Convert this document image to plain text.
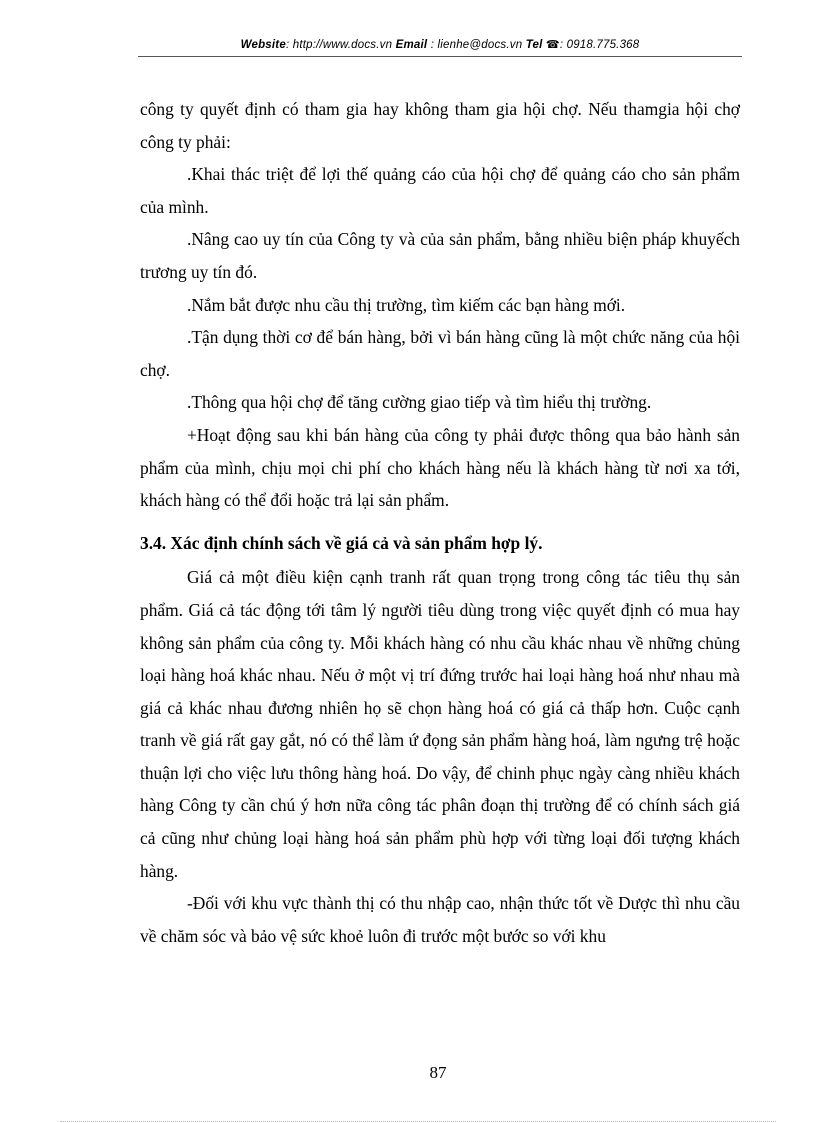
Website: http://www.docs.vn Email : lienhe@docs.vn Tel ☎: 0918.775.368

công ty quyết định có tham gia hay không tham gia hội chợ. Nếu thamgia hội chợ công ty phải:

.Khai thác triệt để lợi thế quảng cáo của hội chợ để quảng cáo cho sản phẩm của mình.

.Nâng cao uy tín của Công ty và của sản phẩm, bằng nhiều biện pháp khuyếch trương uy tín đó.

.Nắm bắt được nhu cầu thị trường, tìm kiếm các bạn hàng mới.

.Tận dụng thời cơ để bán hàng, bởi vì bán hàng cũng là một chức năng của hội chợ.

.Thông qua hội chợ để tăng cường giao tiếp và tìm hiểu thị trường.

+Hoạt động sau khi bán hàng của công ty phải được thông qua bảo hành sản phẩm của mình, chịu mọi chi phí cho khách hàng nếu là khách hàng từ nơi xa tới, khách hàng có thể đổi hoặc trả lại sản phẩm.

3.4. Xác định chính sách về giá cả và sản phẩm hợp lý.

Giá cả một điều kiện cạnh tranh rất quan trọng trong công tác tiêu thụ sản phẩm. Giá cả tác động tới tâm lý người tiêu dùng trong việc quyết định có mua hay không sản phẩm của công ty. Mỗi khách hàng có nhu cầu khác nhau về những chủng loại hàng hoá khác nhau. Nếu ở một vị trí đứng trước hai loại hàng hoá như nhau mà giá cả khác nhau đương nhiên họ sẽ chọn hàng hoá có giá cả thấp hơn. Cuộc cạnh tranh về giá rất gay gắt, nó có thể làm ứ đọng sản phẩm hàng hoá, làm ngưng trệ hoặc thuận lợi cho việc lưu thông hàng hoá. Do vậy, để chinh phục ngày càng nhiều khách hàng Công ty cần chú ý hơn nữa công tác phân đoạn thị trường để có chính sách giá cả cũng như chủng loại hàng hoá sản phẩm phù hợp với từng loại đối tượng khách hàng.

-Đối với khu vực thành thị có thu nhập cao, nhận thức tốt về Dược thì nhu cầu về chăm sóc và bảo vệ sức khoẻ luôn đi trước một bước so với khu

87
